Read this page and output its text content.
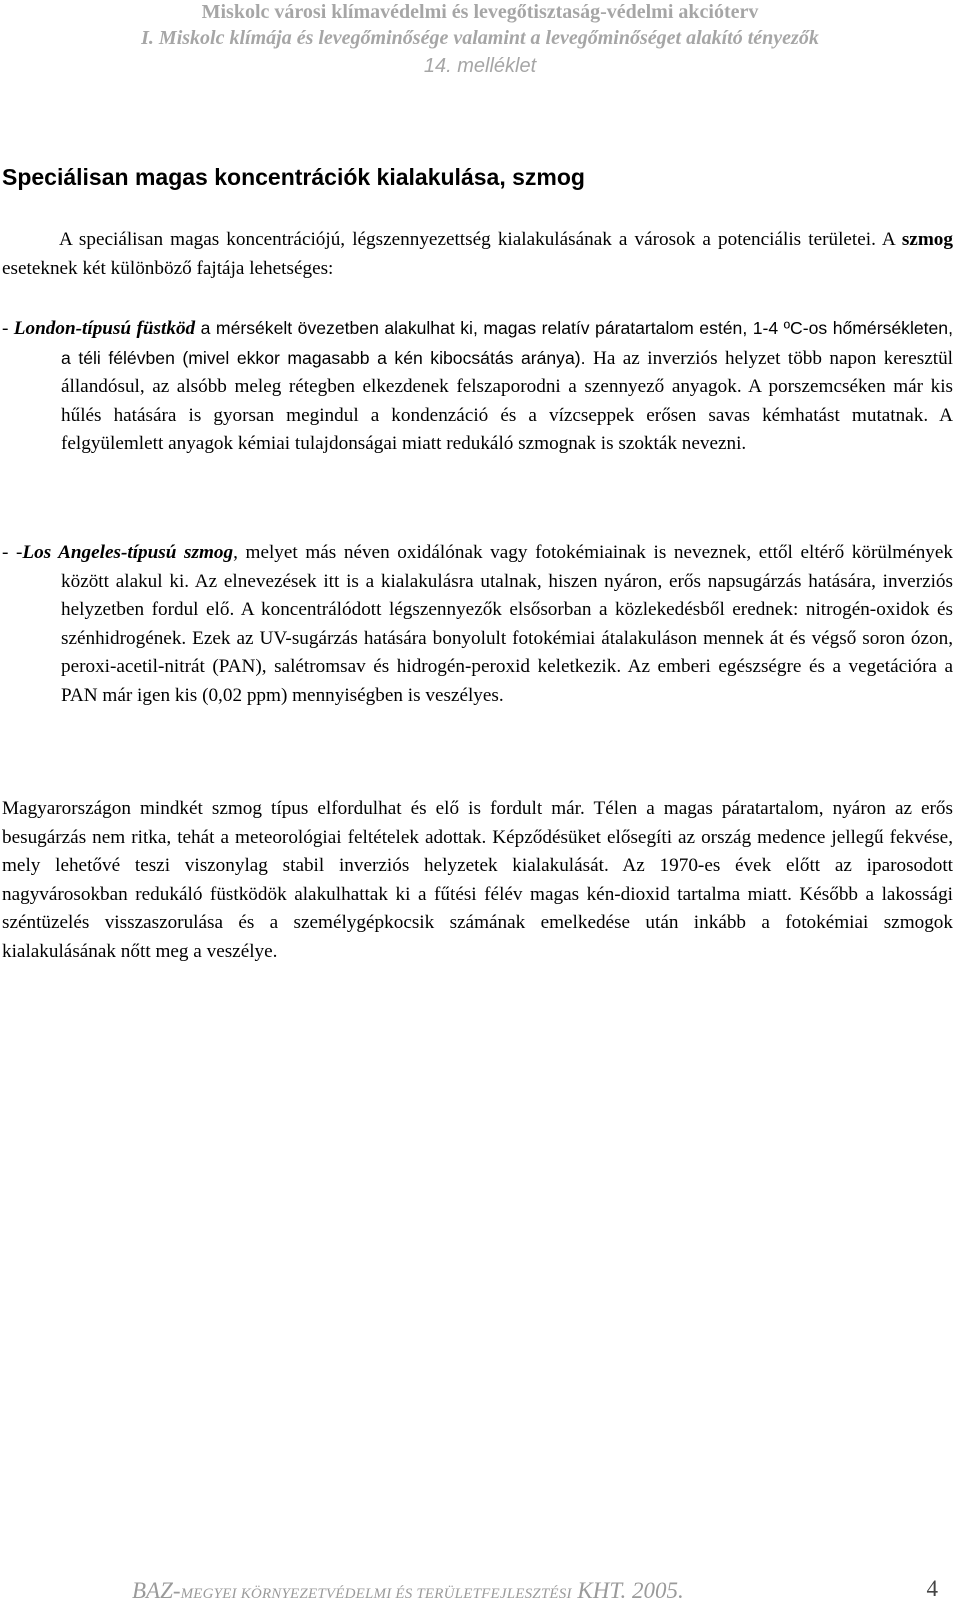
Miskolc városi klímavédelmi és levegőtisztaság-védelmi akcióterv
I. Miskolc klímája és levegőminősége valamint a levegőminőséget alakító tényezők
14. melléklet
Speciálisan magas koncentrációk kialakulása, szmog
A speciálisan magas koncentrációjú, légszennyezettség kialakulásának a városok a potenciális területei. A szmog eseteknek két különböző fajtája lehetséges:
- London-típusú füstköd a mérsékelt övezetben alakulhat ki, magas relatív páratartalom estén, 1-4 ºC-os hőmérsékleten, a téli félévben (mivel ekkor magasabb a kén kibocsátás aránya). Ha az inverziós helyzet több napon keresztül állandósul, az alsóbb meleg rétegben elkezdenek felszaporodni a szennyező anyagok. A porszemcséken már kis hűlés hatására is gyorsan megindul a kondenzáció és a vízcseppek erősen savas kémhatást mutatnak. A felgyülemlett anyagok kémiai tulajdonságai miatt redukáló szmognak is szokták nevezni.
- -Los Angeles-típusú szmog, melyet más néven oxidálónak vagy fotokémiainak is neveznek, ettől eltérő körülmények között alakul ki. Az elnevezések itt is a kialakulásra utalnak, hiszen nyáron, erős napsugárzás hatására, inverziós helyzetben fordul elő. A koncentrálódott légszennyezők elsősorban a közlekedésből erednek: nitrogén-oxidok és szénhidrogének. Ezek az UV-sugárzás hatására bonyolult fotokémiai átalakuláson mennek át és végső soron ózon, peroxi-acetil-nitrát (PAN), salétromsav és hidrogén-peroxid keletkezik. Az emberi egészségre és a vegetációra a PAN már igen kis (0,02 ppm) mennyiségben is veszélyes.
Magyarországon mindkét szmog típus elfordulhat és elő is fordult már. Télen a magas páratartalom, nyáron az erős besugárzás nem ritka, tehát a meteorológiai feltételek adottak. Képződésüket elősegíti az ország medence jellegű fekvése, mely lehetővé teszi viszonylag stabil inverziós helyzetek kialakulását. Az 1970-es évek előtt az iparosodott nagyvárosokban redukáló füstködök alakulhattak ki a fűtési félév magas kén-dioxid tartalma miatt. Később a lakossági széntüzelés visszaszorulása és a személygépkocsik számának emelkedése után inkább a fotokémiai szmogok kialakulásának nőtt meg a veszélye.
BAZ-MEGYEI KÖRNYEZETVÉDELMI ÉS TERÜLETFEJLESZTÉSI KHT. 2005.	4
